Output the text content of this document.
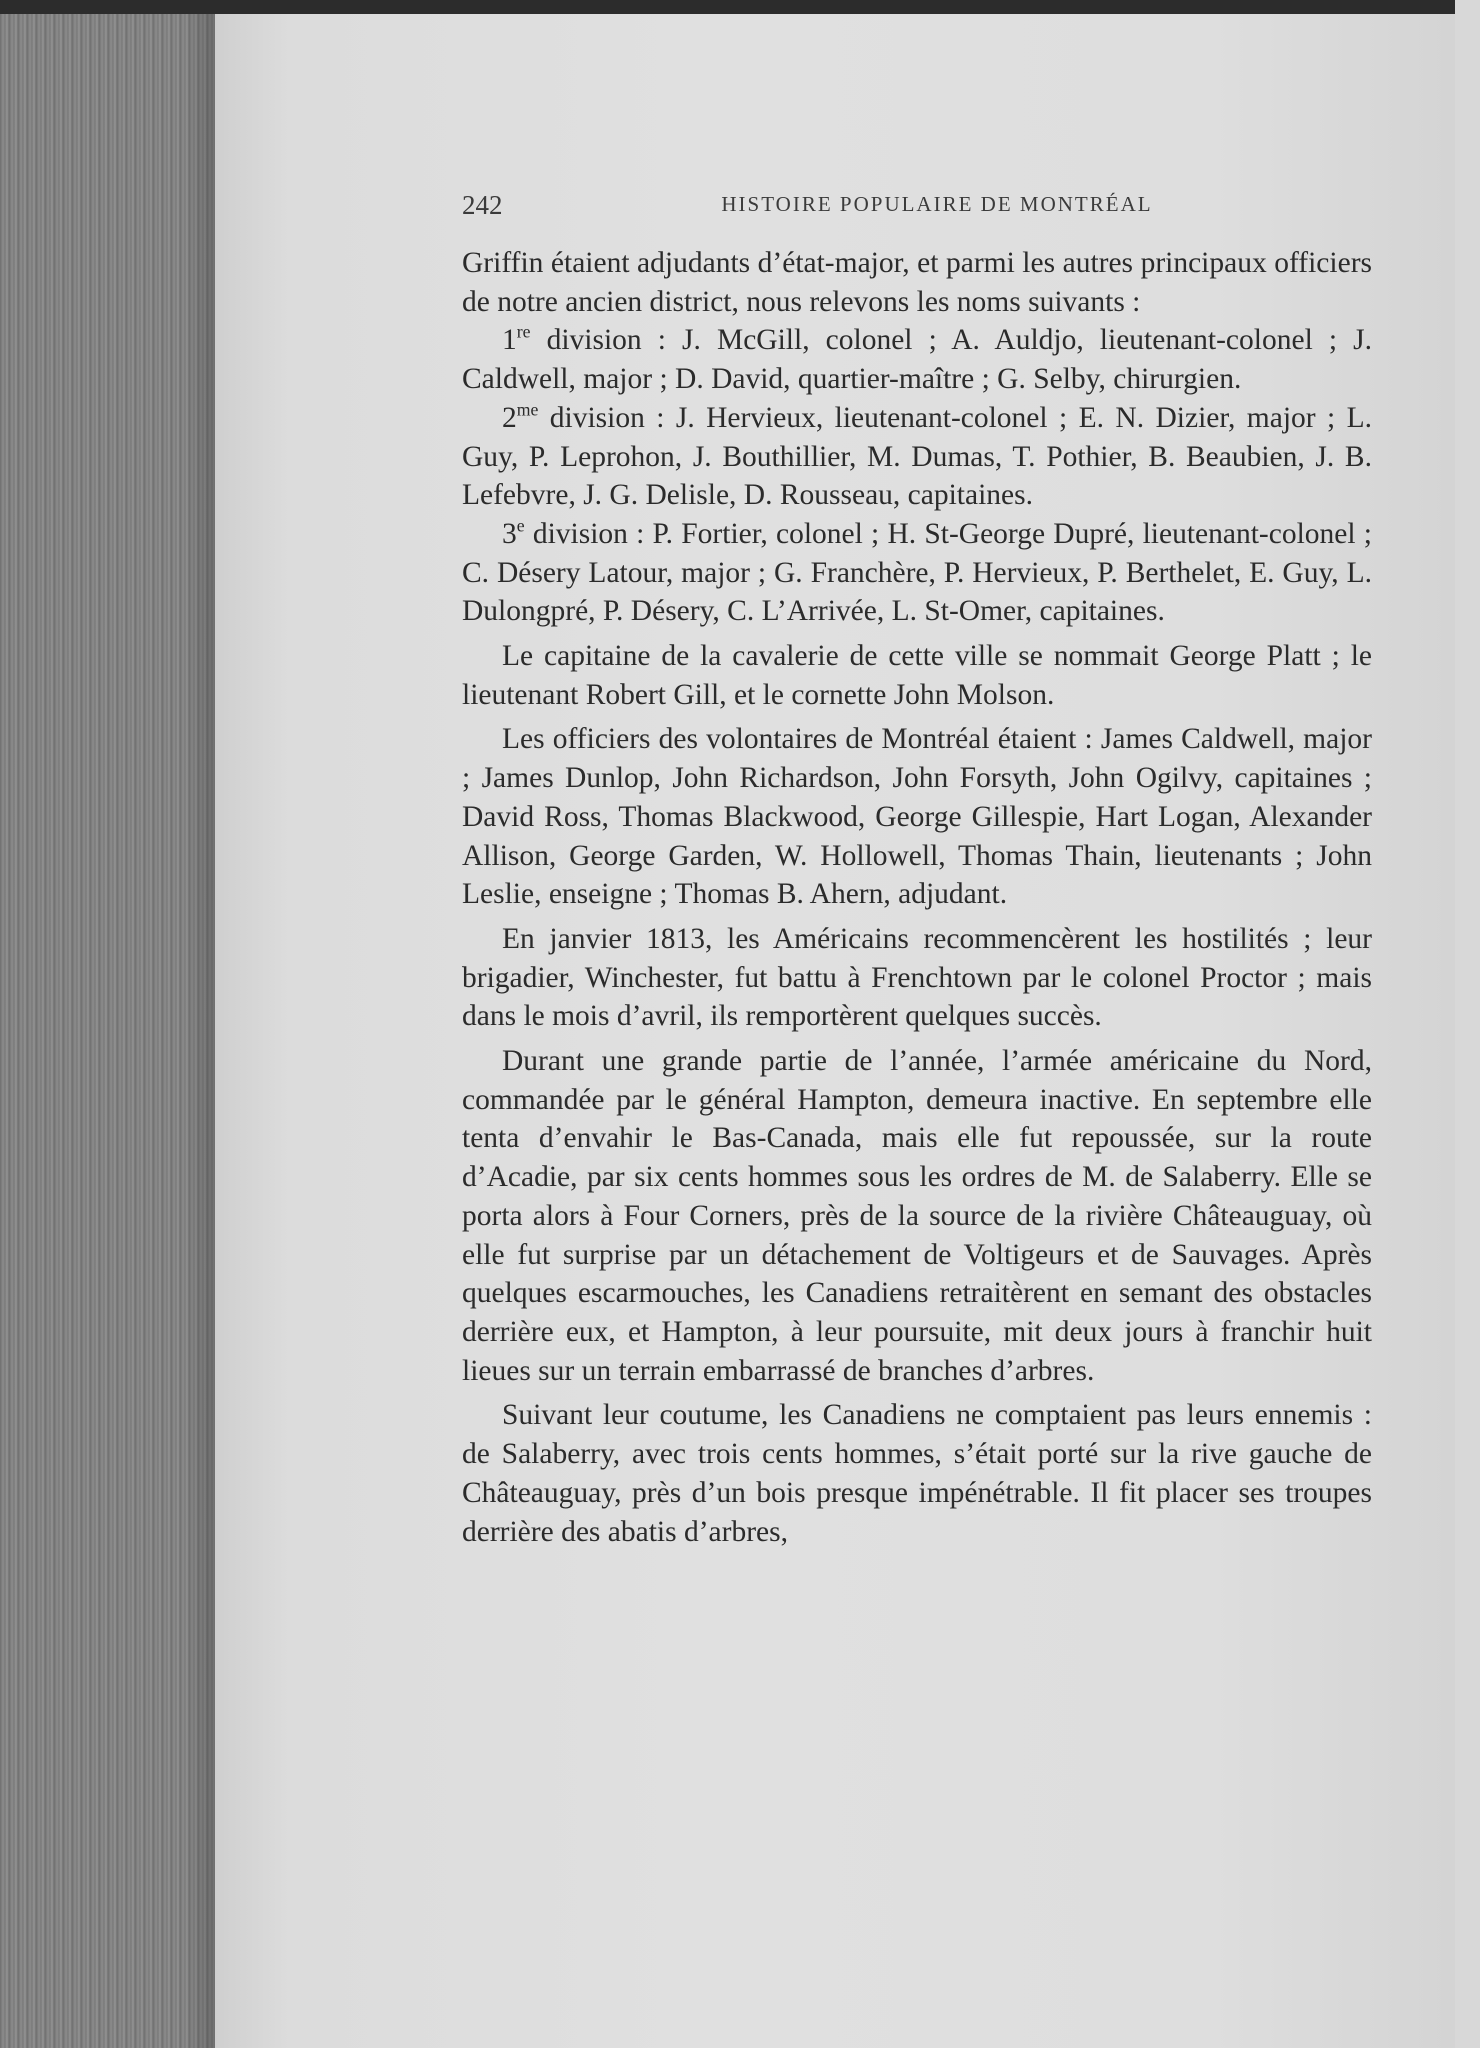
242	HISTOIRE POPULAIRE DE MONTRÉAL

Griffin étaient adjudants d’état-major, et parmi les autres principaux officiers de notre ancien district, nous relevons les noms suivants :

1re division : J. McGill, colonel ; A. Auldjo, lieutenant-colonel ; J. Caldwell, major ; D. David, quartier-maître ; G. Selby, chirurgien.

$2^{me}$ division : J. Hervieux, lieutenant-colonel ; E. N. Dizier, major ; L. Guy, P. Leprohon, J. Bouthillier, M. Dumas, T. Pothier, B. Beaubien, J. B. Lefebvre, J. G. Delisle, D. Rousseau, capitaines.

3e division : P. Fortier, colonel ; H. St-George Dupré, lieutenant-colonel ; C. Désery Latour, major ; G. Franchère, P. Hervieux, P. Berthelet, E. Guy, L. Dulongpré, P. Désery, C. L’Arrivée, L. St-Omer, capitaines.

Le capitaine de la cavalerie de cette ville se nommait George Platt ; le lieutenant Robert Gill, et le cornette John Molson.

Les officiers des volontaires de Montréal étaient : James Caldwell, major ; James Dunlop, John Richardson, John Forsyth, John Ogilvy, capitaines ; David Ross, Thomas Blackwood, George Gillespie, Hart Logan, Alexander Allison, George Garden, W. Hollowell, Thomas Thain, lieutenants ; John Leslie, enseigne ; Thomas B. Ahern, adjudant.

En janvier 1813, les Américains recommencèrent les hostilités ; leur brigadier, Winchester, fut battu à Frenchtown par le colonel Proctor ; mais dans le mois d’avril, ils remportèrent quelques succès.

Durant une grande partie de l’année, l’armée américaine du Nord, commandée par le général Hampton, demeura inactive. En septembre elle tenta d’envahir le Bas-Canada, mais elle fut repoussée, sur la route d’Acadie, par six cents hommes sous les ordres de M. de Salaberry. Elle se porta alors à Four Corners, près de la source de la rivière Châteauguay, où elle fut surprise par un détachement de Voltigeurs et de Sauvages. Après quelques escarmouches, les Canadiens retraitèrent en semant des obstacles derrière eux, et Hampton, à leur poursuite, mit deux jours à franchir huit lieues sur un terrain embarrassé de branches d’arbres.

Suivant leur coutume, les Canadiens ne comptaient pas leurs ennemis : de Salaberry, avec trois cents hommes, s’était porté sur la rive gauche de Châteauguay, près d’un bois presque impénétrable. Il fit placer ses troupes derrière des abatis d’arbres,
